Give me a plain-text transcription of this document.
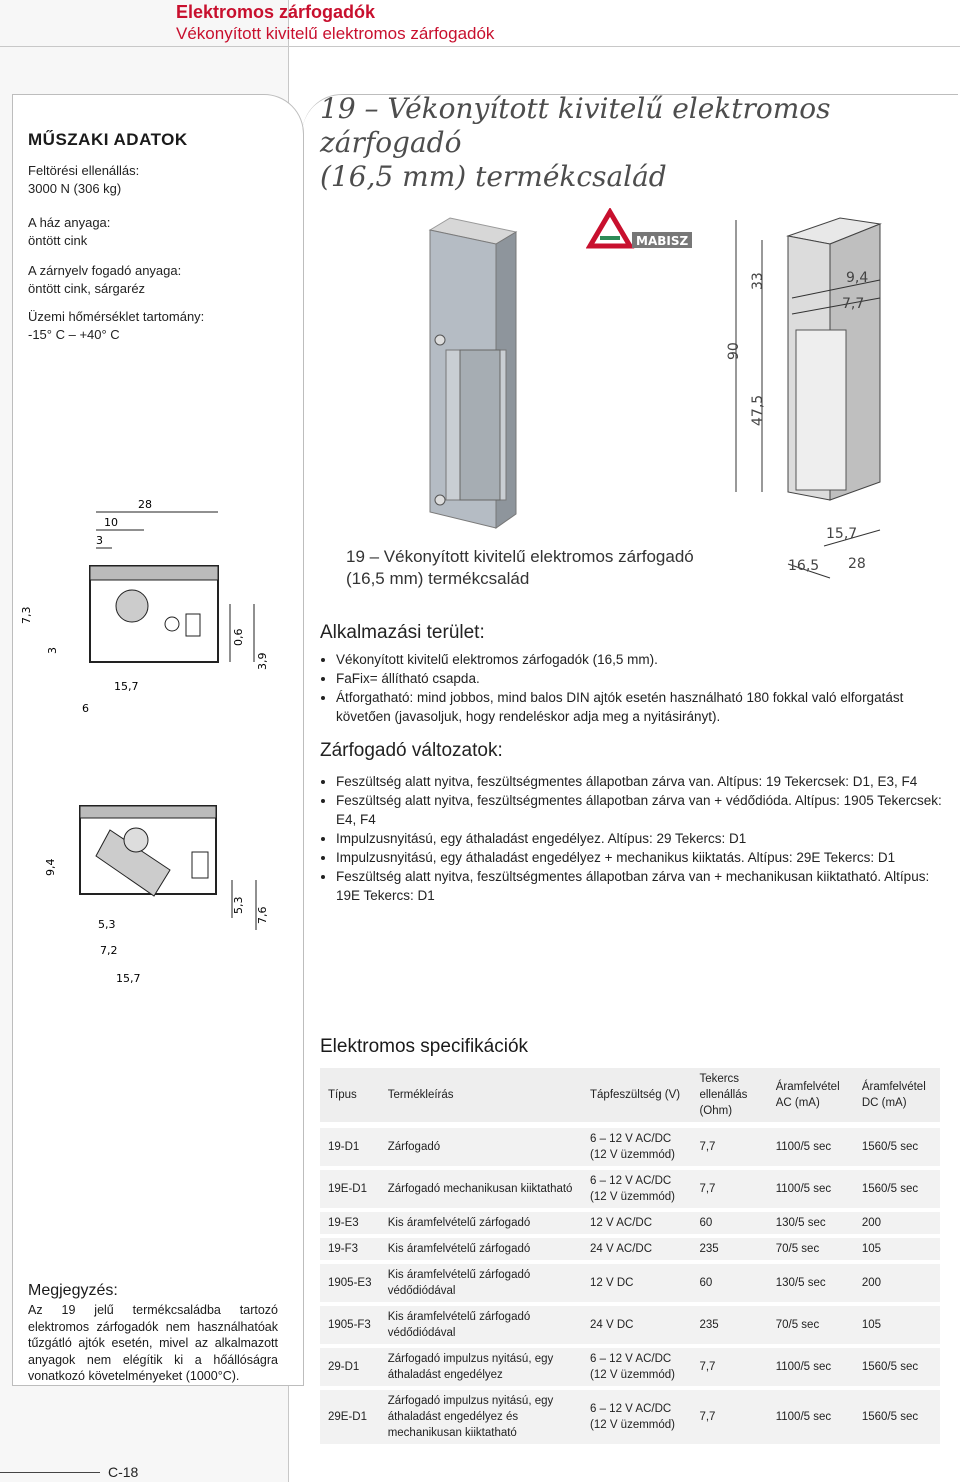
Elektromos zárfogadók
Vékonyított kivitelű elektromos zárfogadók
19 – Vékonyított kivitelű elektromos zárfogadó
(16,5 mm) termékcsalád
MŰSZAKI ADATOK
Feltörési ellenállás:
3000 N (306 kg)
A ház anyaga:
öntött cink
A zárnyelv fogadó anyaga:
öntött cink, sárgaréz
Üzemi hőmérséklet tartomány:
-15° C – +40° C
MABISZ
90
33
47,5
9,4
7,7
15,7
16,5 28
28
10
3
7,3
3
6
15,7
0,6
3,9
9,4
5,3
7,2
15,7
5,3
7,6
19 – Vékonyított kivitelű elektromos zárfogadó
(16,5 mm) termékcsalád
Alkalmazási terület:
• Vékonyított kivitelű elektromos zárfogadók (16,5 mm).
• FaFix= állítható csapda.
• Átforgatható: mind jobbos, mind balos DIN ajtók esetén használható 180 fokkal való elforgatást követően (javasoljuk, hogy rendeléskor adja meg a nyitásirányt).
Zárfogadó változatok:
• Feszültség alatt nyitva, feszültségmentes állapotban zárva van. Altípus: 19 Tekercsek: D1, E3, F4
• Feszültség alatt nyitva, feszültségmentes állapotban zárva van + védődióda. Altípus: 1905 Tekercsek: E4, F4
• Impulzusnyitású, egy áthaladást engedélyez. Altípus: 29 Tekercs: D1
• Impulzusnyitású, egy áthaladást engedélyez + mechanikus kiiktatás. Altípus: 29E Tekercs: D1
• Feszültség alatt nyitva, feszültségmentes állapotban zárva van + mechanikusan kiiktatható. Altípus: 19E Tekercs: D1
Elektromos specifikációk
Típus	Termékleírás	Tápfeszültség (V)	Tekercs ellenállás (Ohm)	Áramfelvétel AC (mA)	Áramfelvétel DC (mA)

19-D1	Zárfogadó	6 – 12 V AC/DC (12 V üzemmód)	7,7	1100/5 sec	1560/5 sec
19E-D1	Zárfogadó mechanikusan kiiktatható	6 – 12 V AC/DC (12 V üzemmód)	7,7	1100/5 sec	1560/5 sec
19-E3	Kis áramfelvételű zárfogadó	12 V AC/DC	60	130/5 sec	200
19-F3	Kis áramfelvételű zárfogadó	24 V AC/DC	235	70/5 sec	105
1905-E3	Kis áramfelvételű zárfogadó védődiódával	12 V DC	60	130/5 sec	200
1905-F3	Kis áramfelvételű zárfogadó védődiódával	24 V DC	235	70/5 sec	105
29-D1	Zárfogadó impulzus nyitású, egy áthaladást engedélyez	6 – 12 V AC/DC (12 V üzemmód)	7,7	1100/5 sec	1560/5 sec
29E-D1	Zárfogadó impulzus nyitású, egy áthaladást engedélyez és mechanikusan kiiktatható	6 – 12 V AC/DC (12 V üzemmód)	7,7	1100/5 sec	1560/5 sec
Megjegyzés:
Az 19 jelű termékcsaládba tartozó elektromos zárfogadók nem használhatóak tűzgátló ajtók esetén, mivel az alkalmazott anyagok nem elégítik ki a hőállóságra vonatkozó követelményeket (1000°C).
C-18
